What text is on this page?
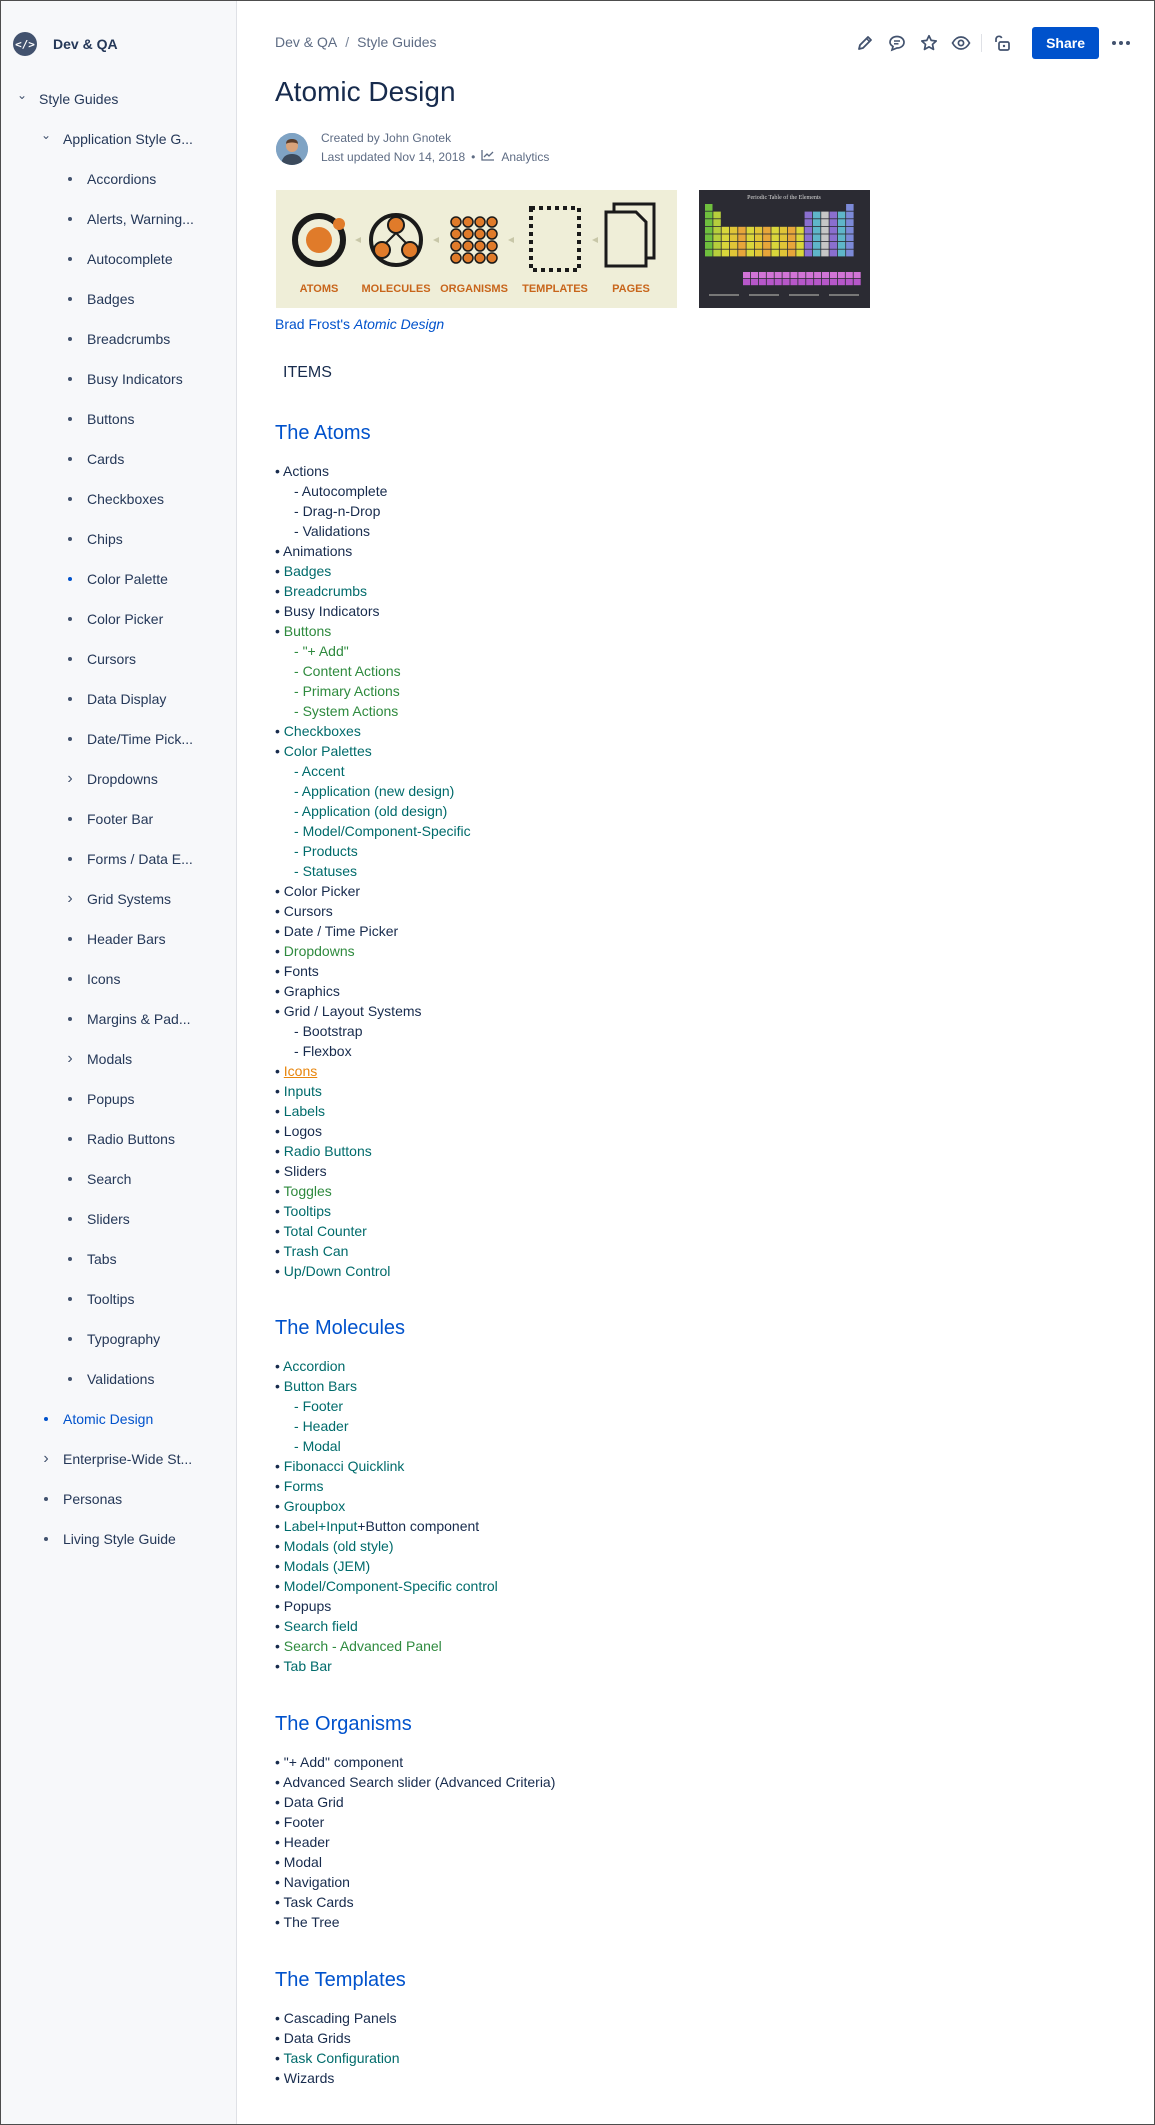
</> Dev & QA
⌄ Style Guides
⌄ Application Style G...
Accordions
Alerts, Warning...
Autocomplete
Badges
Breadcrumbs
Busy Indicators
Buttons
Cards
Checkboxes
Chips
Color Palette
Color Picker
Cursors
Data Display
Date/Time Pick...
›	Dropdowns
Footer Bar
Forms / Data E...
›	Grid Systems
Header Bars
Icons
Margins & Pad...
›	Modals
Popups
Radio Buttons
Search
Sliders
Tabs
Tooltips
Typography
Validations
Atomic Design
›	Enterprise-Wide St...
Personas
Living Style Guide
Dev & QA / Style Guides	Share
Atomic Design
Created by John Gnotek
Last updated Nov 14, 2018 • Analytics
ATOMS MOLECULES ORGANISMS TEMPLATES PAGES
Periodic Table of the Elements
Brad Frost's Atomic Design
ITEMS
The Atoms
• Actions
- Autocomplete
- Drag-n-Drop
- Validations
• Animations
• Badges
• Breadcrumbs
• Busy Indicators
• Buttons
- "+ Add"
- Content Actions
- Primary Actions
- System Actions
• Checkboxes
• Color Palettes
- Accent
- Application (new design)
- Application (old design)
- Model/Component-Specific
- Products
- Statuses
• Color Picker
• Cursors
• Date / Time Picker
• Dropdowns
• Fonts
• Graphics
• Grid / Layout Systems
- Bootstrap
- Flexbox
• Icons
• Inputs
• Labels
• Logos
• Radio Buttons
• Sliders
• Toggles
• Tooltips
• Total Counter
• Trash Can
• Up/Down Control
The Molecules
• Accordion
• Button Bars
- Footer
- Header
- Modal
• Fibonacci Quicklink
• Forms
• Groupbox
• Label+Input+Button component
• Modals (old style)
• Modals (JEM)
• Model/Component-Specific control
• Popups
• Search field
• Search - Advanced Panel
• Tab Bar
The Organisms
• "+ Add" component
• Advanced Search slider (Advanced Criteria)
• Data Grid
• Footer
• Header
• Modal
• Navigation
• Task Cards
• The Tree
The Templates
• Cascading Panels
• Data Grids
• Task Configuration
• Wizards
